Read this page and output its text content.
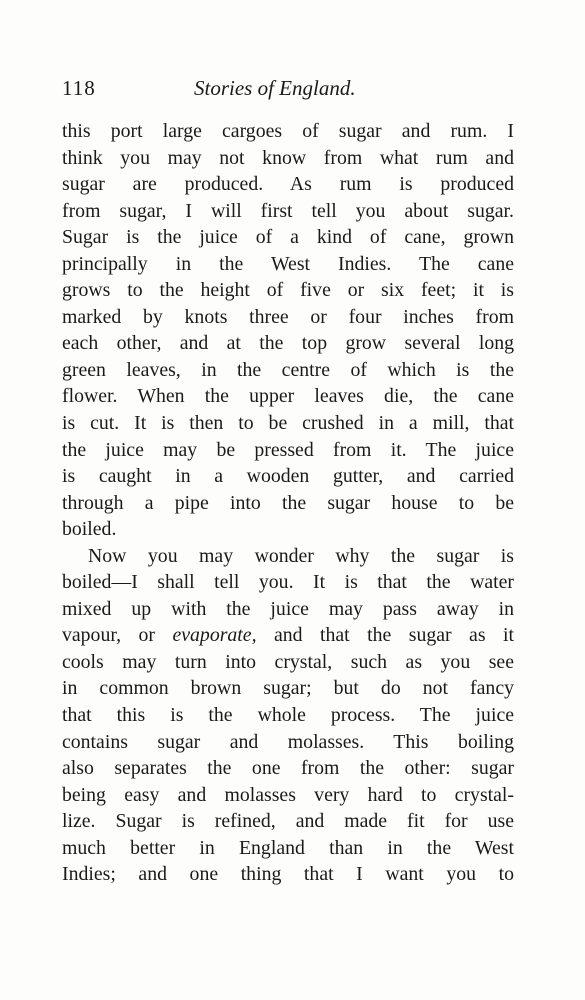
118	Stories of England.
this port large cargoes of sugar and rum. I
think you may not know from what rum and
sugar are produced. As rum is produced
from sugar, I will first tell you about sugar.
Sugar is the juice of a kind of cane, grown
principally in the West Indies. The cane
grows to the height of five or six feet; it is
marked by knots three or four inches from
each other, and at the top grow several long
green leaves, in the centre of which is the
flower. When the upper leaves die, the cane
is cut. It is then to be crushed in a mill, that
the juice may be pressed from it. The juice
is caught in a wooden gutter, and carried
through a pipe into the sugar house to be
boiled.
Now you may wonder why the sugar is
boiled—I shall tell you. It is that the water
mixed up with the juice may pass away in
vapour, or evaporate, and that the sugar as it
cools may turn into crystal, such as you see
in common brown sugar; but do not fancy
that this is the whole process. The juice
contains sugar and molasses. This boiling
also separates the one from the other: sugar
being easy and molasses very hard to crystal-
lize. Sugar is refined, and made fit for use
much better in England than in the West
Indies; and one thing that I want you to
